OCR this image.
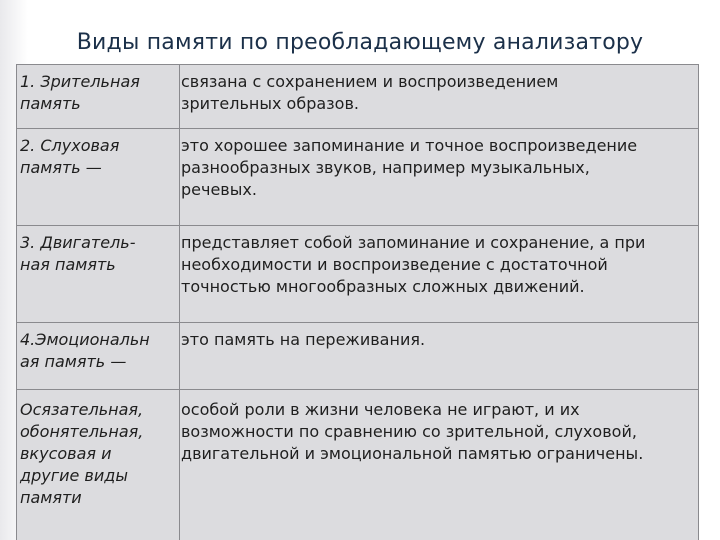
Виды памяти по преобладающему анализатору
1. Зрительная
память
связана с сохранением и воспроизведением
зрительных образов.
2. Слуховая
память —
это хорошее запоминание и точное воспроизведение
разнообразных звуков, например музыкальных,
речевых.
3. Двигатель-
ная память
представляет собой запоминание и сохранение, а при
необходимости и воспроизведение с достаточной
точностью многообразных сложных движений.
4.Эмоциональн
ая память —
это память на переживания.
Осязательная,
обонятельная,
вкусовая и
другие виды
памяти
особой роли в жизни человека не играют, и их
возможности по сравнению со зрительной, слуховой,
двигательной и эмоциональной памятью ограничены.
